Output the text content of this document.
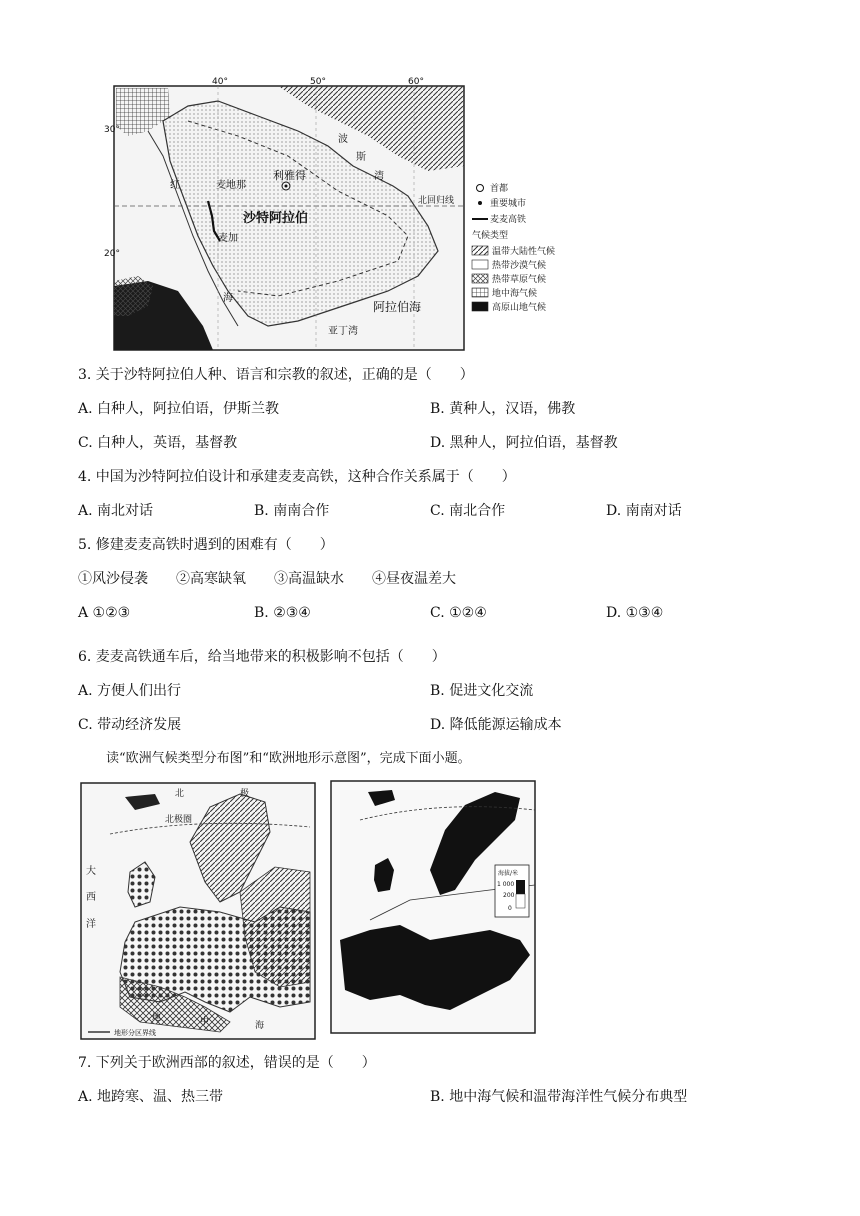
40°	50°	60°
30°
20°
沙特阿拉伯
利雅得
麦地那
麦加
红
海
阿拉伯海
波
斯
湾
北回归线
亚丁湾
首都
重要城市
麦麦高铁
气候类型
温带大陆性气候
热带沙漠气候
热带草原气候
地中海气候
高原山地气候
3. 关于沙特阿拉伯人种、语言和宗教的叙述，正确的是（　　）
A. 白种人，阿拉伯语，伊斯兰教	B. 黄种人，汉语，佛教
C. 白种人，英语，基督教	D. 黑种人，阿拉伯语，基督教
4. 中国为沙特阿拉伯设计和承建麦麦高铁，这种合作关系属于（　　）
A. 南北对话	B. 南南合作	C. 南北合作	D. 南南对话
5. 修建麦麦高铁时遇到的困难有（　　）
①风沙侵袭　　②高寒缺氧　　③高温缺水　　④昼夜温差大
A ①②③	B. ②③④	C. ①②④	D. ①③④
6. 麦麦高铁通车后，给当地带来的积极影响不包括（　　）
A. 方便人们出行	B. 促进文化交流
C. 带动经济发展	D. 降低能源运输成本
读“欧洲气候类型分布图”和“欧洲地形示意图”，完成下面小题。
北	极
北极圈
大
西
洋
地	中	海
地形分区界线
海拔/米
1 000
200
0
7. 下列关于欧洲西部的叙述，错误的是（　　）
A. 地跨寒、温、热三带	B. 地中海气候和温带海洋性气候分布典型
